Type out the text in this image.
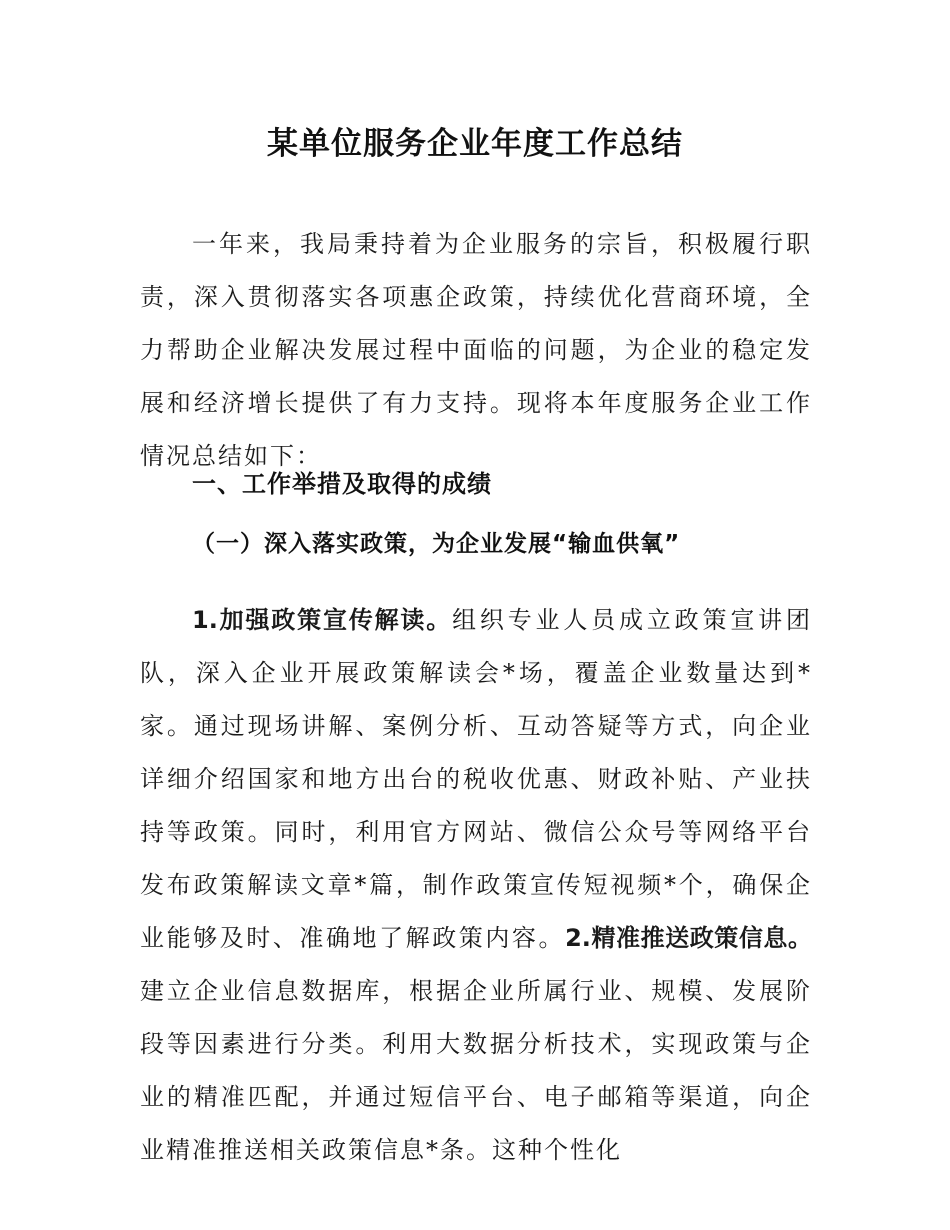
某单位服务企业年度工作总结

一年来，我局秉持着为企业服务的宗旨，积极履行职责，深入贯彻落实各项惠企政策，持续优化营商环境，全力帮助企业解决发展过程中面临的问题，为企业的稳定发展和经济增长提供了有力支持。现将本年度服务企业工作情况总结如下：

一、工作举措及取得的成绩
（一）深入落实政策，为企业发展“输血供氧”

1.加强政策宣传解读。组织专业人员成立政策宣讲团队，深入企业开展政策解读会*场，覆盖企业数量达到*家。通过现场讲解、案例分析、互动答疑等方式，向企业详细介绍国家和地方出台的税收优惠、财政补贴、产业扶持等政策。同时，利用官方网站、微信公众号等网络平台发布政策解读文章*篇，制作政策宣传短视频*个，确保企业能够及时、准确地了解政策内容。2.精准推送政策信息。建立企业信息数据库，根据企业所属行业、规模、发展阶段等因素进行分类。利用大数据分析技术，实现政策与企业的精准匹配，并通过短信平台、电子邮箱等渠道，向企业精准推送相关政策信息*条。这种个性化
